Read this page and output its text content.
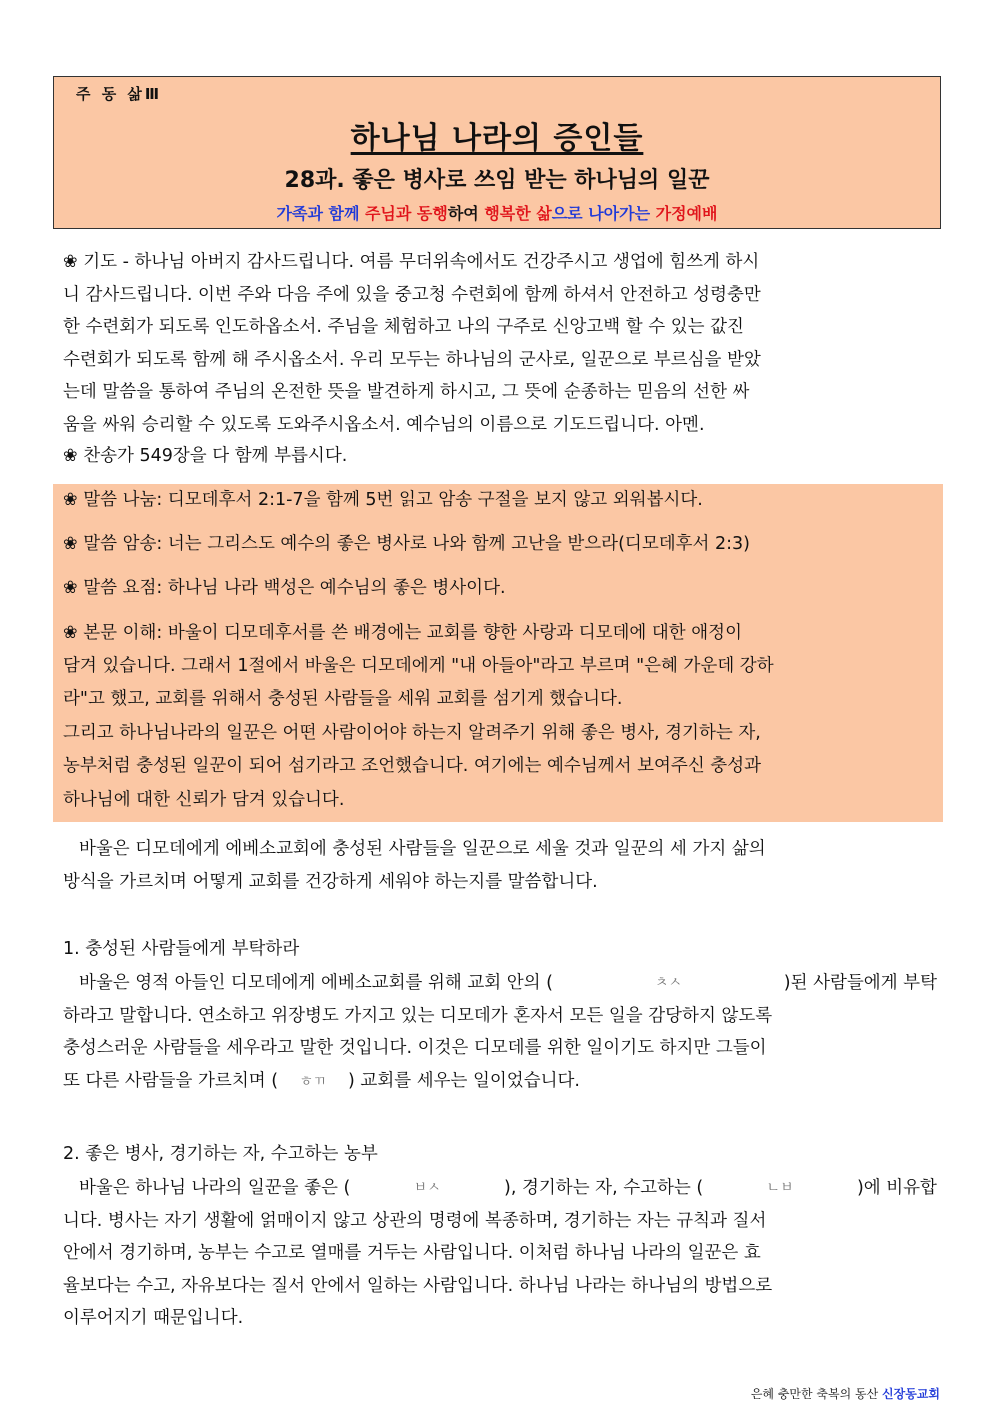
주 동 삶Ⅲ
하나님 나라의 증인들
28과. 좋은 병사로 쓰임 받는 하나님의 일꾼
가족과 함께 주님과 동행하여 행복한 삶으로 나아가는 가정예배
❀ 기도 - 하나님 아버지 감사드립니다. 여름 무더위속에서도 건강주시고 생업에 힘쓰게 하시
니 감사드립니다. 이번 주와 다음 주에 있을 중고청 수련회에 함께 하셔서 안전하고 성령충만
한 수련회가 되도록 인도하옵소서. 주님을 체험하고 나의 구주로 신앙고백 할 수 있는 값진
수련회가 되도록 함께 해 주시옵소서. 우리 모두는 하나님의 군사로, 일꾼으로 부르심을 받았
는데 말씀을 통하여 주님의 온전한 뜻을 발견하게 하시고, 그 뜻에 순종하는 믿음의 선한 싸
움을 싸워 승리할 수 있도록 도와주시옵소서. 예수님의 이름으로 기도드립니다. 아멘.
❀ 찬송가 549장을 다 함께 부릅시다.
❀ 말씀 나눔: 디모데후서 2:1-7을 함께 5번 읽고 암송 구절을 보지 않고 외워봅시다.
❀ 말씀 암송: 너는 그리스도 예수의 좋은 병사로 나와 함께 고난을 받으라(디모데후서 2:3)
❀ 말씀 요점: 하나님 나라 백성은 예수님의 좋은 병사이다.
❀ 본문 이해: 바울이 디모데후서를 쓴 배경에는 교회를 향한 사랑과 디모데에 대한 애정이
담겨 있습니다. 그래서 1절에서 바울은 디모데에게 "내 아들아"라고 부르며 "은혜 가운데 강하
라"고 했고, 교회를 위해서 충성된 사람들을 세워 교회를 섬기게 했습니다.
그리고 하나님나라의 일꾼은 어떤 사람이어야 하는지 알려주기 위해 좋은 병사, 경기하는 자,
농부처럼 충성된 일꾼이 되어 섬기라고 조언했습니다. 여기에는 예수님께서 보여주신 충성과
하나님에 대한 신뢰가 담겨 있습니다.
바울은 디모데에게 에베소교회에 충성된 사람들을 일꾼으로 세울 것과 일꾼의 세 가지 삶의
방식을 가르치며 어떻게 교회를 건강하게 세워야 하는지를 말씀합니다.
1. 충성된 사람들에게 부탁하라
바울은 영적 아들인 디모데에게 에베소교회를 위해 교회 안의 (	ㅊㅅ	)된 사람들에게 부탁
하라고 말합니다. 연소하고 위장병도 가지고 있는 디모데가 혼자서 모든 일을 감당하지 않도록
충성스러운 사람들을 세우라고 말한 것입니다. 이것은 디모데를 위한 일이기도 하지만 그들이
또 다른 사람들을 가르치며 ( ㅎㄲ ) 교회를 세우는 일이었습니다.
2. 좋은 병사, 경기하는 자, 수고하는 농부
바울은 하나님 나라의 일꾼을 좋은 (	ㅂㅅ	), 경기하는 자, 수고하는 (	ㄴㅂ	)에 비유합
니다. 병사는 자기 생활에 얽매이지 않고 상관의 명령에 복종하며, 경기하는 자는 규칙과 질서
안에서 경기하며, 농부는 수고로 열매를 거두는 사람입니다. 이처럼 하나님 나라의 일꾼은 효
율보다는 수고, 자유보다는 질서 안에서 일하는 사람입니다. 하나님 나라는 하나님의 방법으로
이루어지기 때문입니다.
은혜 충만한 축복의 동산 신장동교회
